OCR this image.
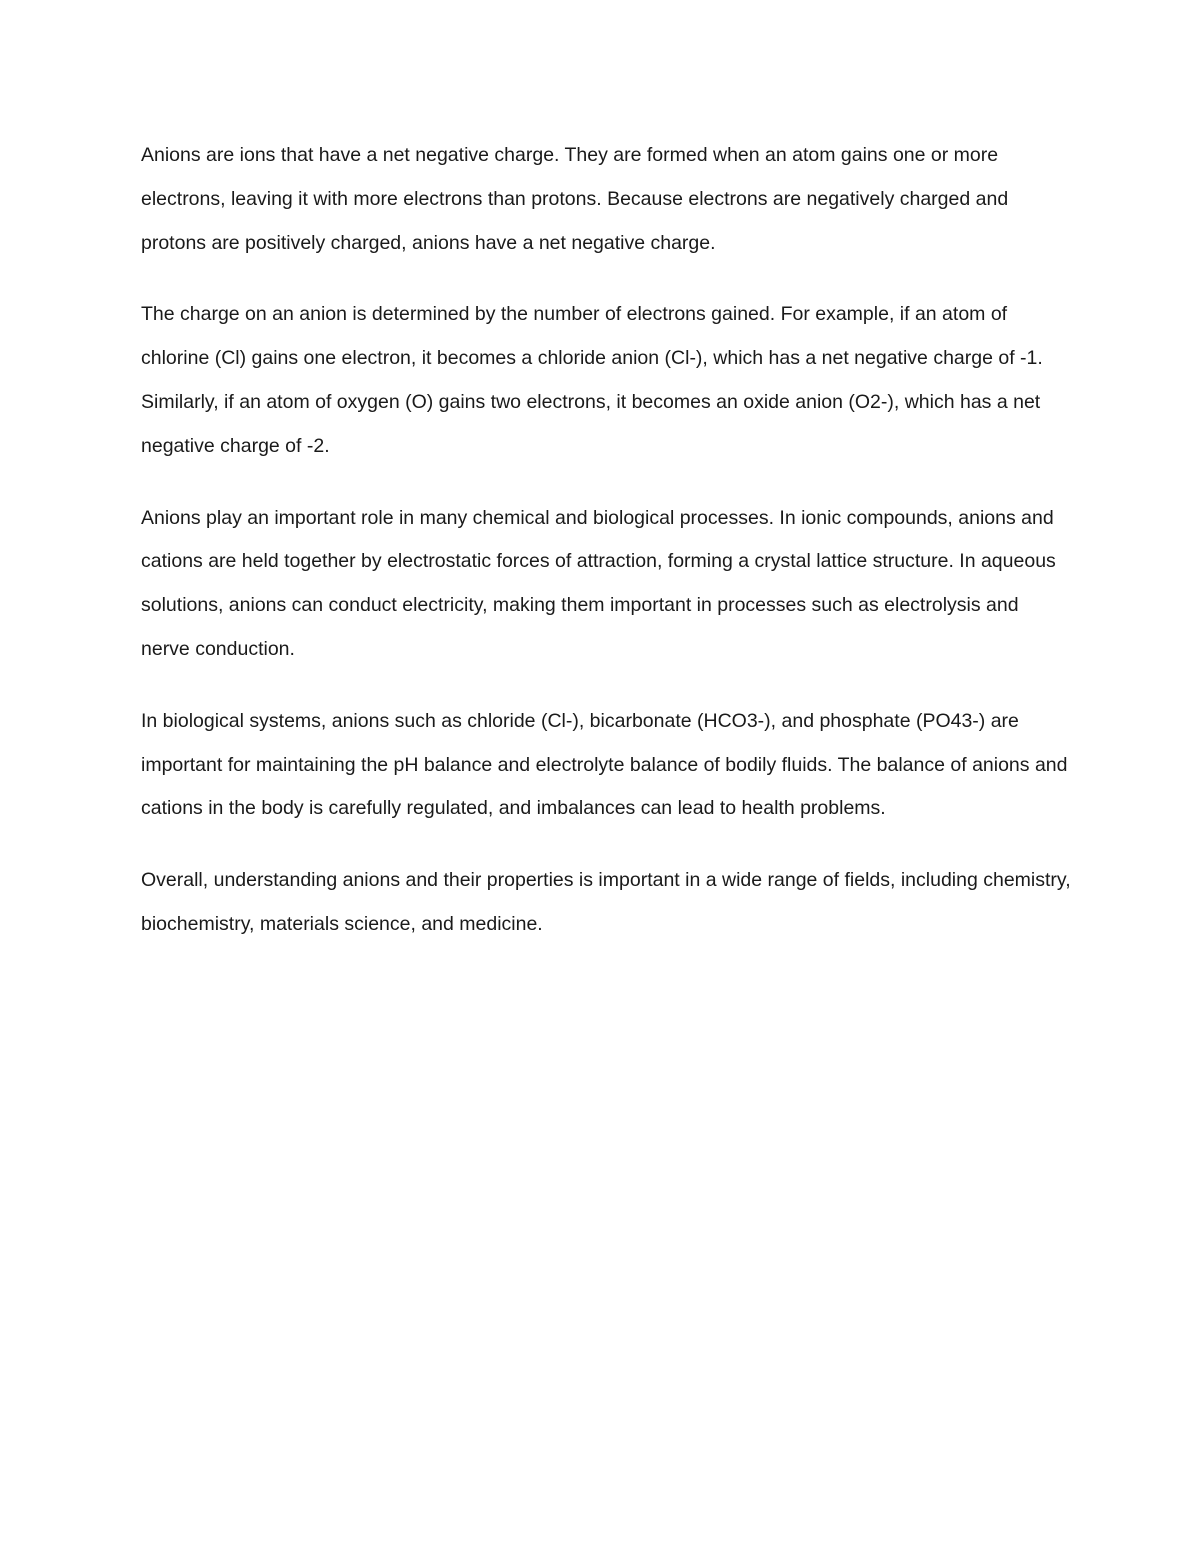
Anions are ions that have a net negative charge. They are formed when an atom gains one or more electrons, leaving it with more electrons than protons. Because electrons are negatively charged and protons are positively charged, anions have a net negative charge.

The charge on an anion is determined by the number of electrons gained. For example, if an atom of chlorine (Cl) gains one electron, it becomes a chloride anion (Cl-), which has a net negative charge of -1. Similarly, if an atom of oxygen (O) gains two electrons, it becomes an oxide anion (O2-), which has a net negative charge of -2.

Anions play an important role in many chemical and biological processes. In ionic compounds, anions and cations are held together by electrostatic forces of attraction, forming a crystal lattice structure. In aqueous solutions, anions can conduct electricity, making them important in processes such as electrolysis and nerve conduction.

In biological systems, anions such as chloride (Cl-), bicarbonate (HCO3-), and phosphate (PO43-) are important for maintaining the pH balance and electrolyte balance of bodily fluids. The balance of anions and cations in the body is carefully regulated, and imbalances can lead to health problems.

Overall, understanding anions and their properties is important in a wide range of fields, including chemistry, biochemistry, materials science, and medicine.
